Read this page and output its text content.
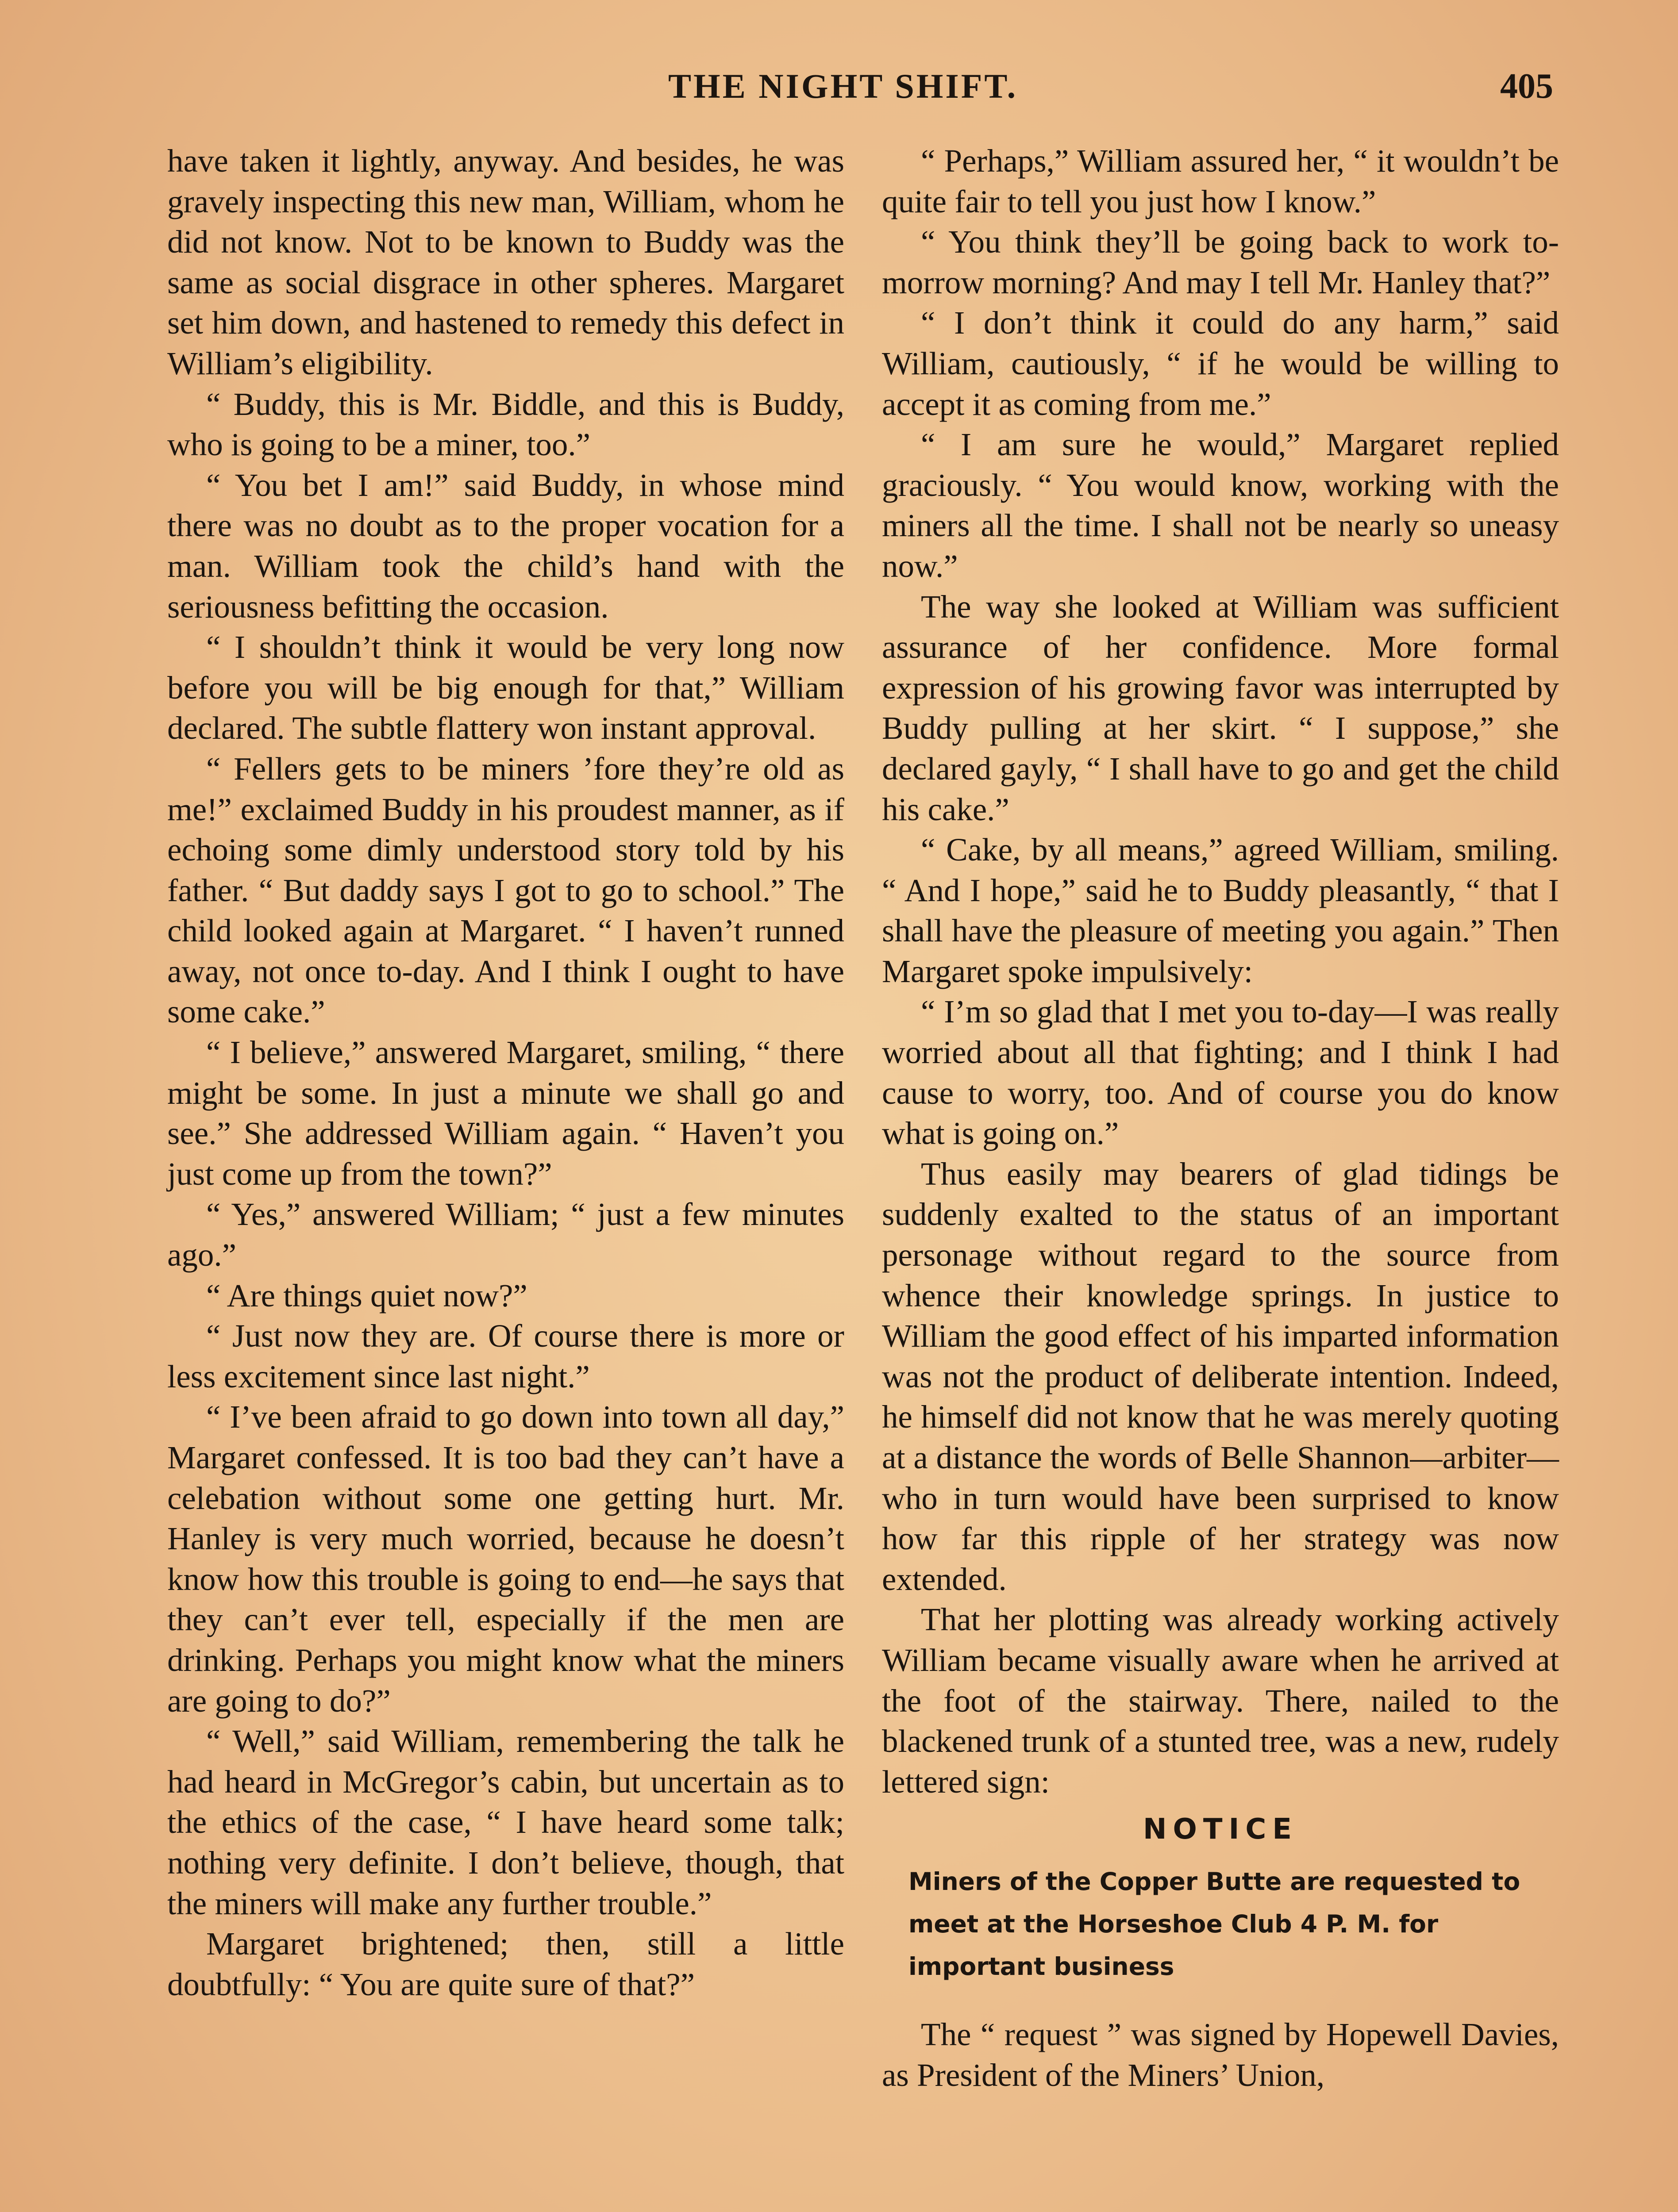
THE NIGHT SHIFT.	405

have taken it lightly, anyway. And besides, he was gravely inspecting this new man, William, whom he did not know. Not to be known to Buddy was the same as social disgrace in other spheres. Margaret set him down, and hastened to remedy this defect in William’s eligibility.

“ Buddy, this is Mr. Biddle, and this is Buddy, who is going to be a miner, too.”

“ You bet I am!” said Buddy, in whose mind there was no doubt as to the proper vocation for a man. William took the child’s hand with the seriousness befitting the occasion.

“ I shouldn’t think it would be very long now before you will be big enough for that,” William declared. The subtle flattery won instant approval.

“ Fellers gets to be miners ’fore they’re old as me!” exclaimed Buddy in his proudest manner, as if echoing some dimly understood story told by his father. “ But daddy says I got to go to school.” The child looked again at Margaret. “ I haven’t runned away, not once to-day. And I think I ought to have some cake.”

“ I believe,” answered Margaret, smiling, “ there might be some. In just a minute we shall go and see.” She addressed William again. “ Haven’t you just come up from the town?”

“ Yes,” answered William; “ just a few minutes ago.”

“ Are things quiet now?”

“ Just now they are. Of course there is more or less excitement since last night.”

“ I’ve been afraid to go down into town all day,” Margaret confessed. It is too bad they can’t have a celebation without some one getting hurt. Mr. Hanley is very much worried, because he doesn’t know how this trouble is going to end—he says that they can’t ever tell, especially if the men are drinking. Perhaps you might know what the miners are going to do?”

“ Well,” said William, remembering the talk he had heard in McGregor’s cabin, but uncertain as to the ethics of the case, “ I have heard some talk; nothing very definite. I don’t believe, though, that the miners will make any further trouble.”

Margaret brightened; then, still a little doubtfully: “ You are quite sure of that?”

“ Perhaps,” William assured her, “ it wouldn’t be quite fair to tell you just how I know.”

“ You think they’ll be going back to work to-morrow morning? And may I tell Mr. Hanley that?”

“ I don’t think it could do any harm,” said William, cautiously, “ if he would be willing to accept it as coming from me.”

“ I am sure he would,” Margaret replied graciously. “ You would know, working with the miners all the time. I shall not be nearly so uneasy now.”

The way she looked at William was sufficient assurance of her confidence. More formal expression of his growing favor was interrupted by Buddy pulling at her skirt. “ I suppose,” she declared gayly, “ I shall have to go and get the child his cake.”

“ Cake, by all means,” agreed William, smiling. “ And I hope,” said he to Buddy pleasantly, “ that I shall have the pleasure of meeting you again.” Then Margaret spoke impulsively:

“ I’m so glad that I met you to-day—I was really worried about all that fighting; and I think I had cause to worry, too. And of course you do know what is going on.”

Thus easily may bearers of glad tidings be suddenly exalted to the status of an important personage without regard to the source from whence their knowledge springs. In justice to William the good effect of his imparted information was not the product of deliberate intention. Indeed, he himself did not know that he was merely quoting at a distance the words of Belle Shannon—arbiter—who in turn would have been surprised to know how far this ripple of her strategy was now extended.

That her plotting was already working actively William became visually aware when he arrived at the foot of the stairway. There, nailed to the blackened trunk of a stunted tree, was a new, rudely lettered sign:

NOTICE
Miners of the Copper Butte are requested to meet at the Horseshoe Club 4 P. M. for important business

The “ request ” was signed by Hopewell Davies, as President of the Miners’ Union,
